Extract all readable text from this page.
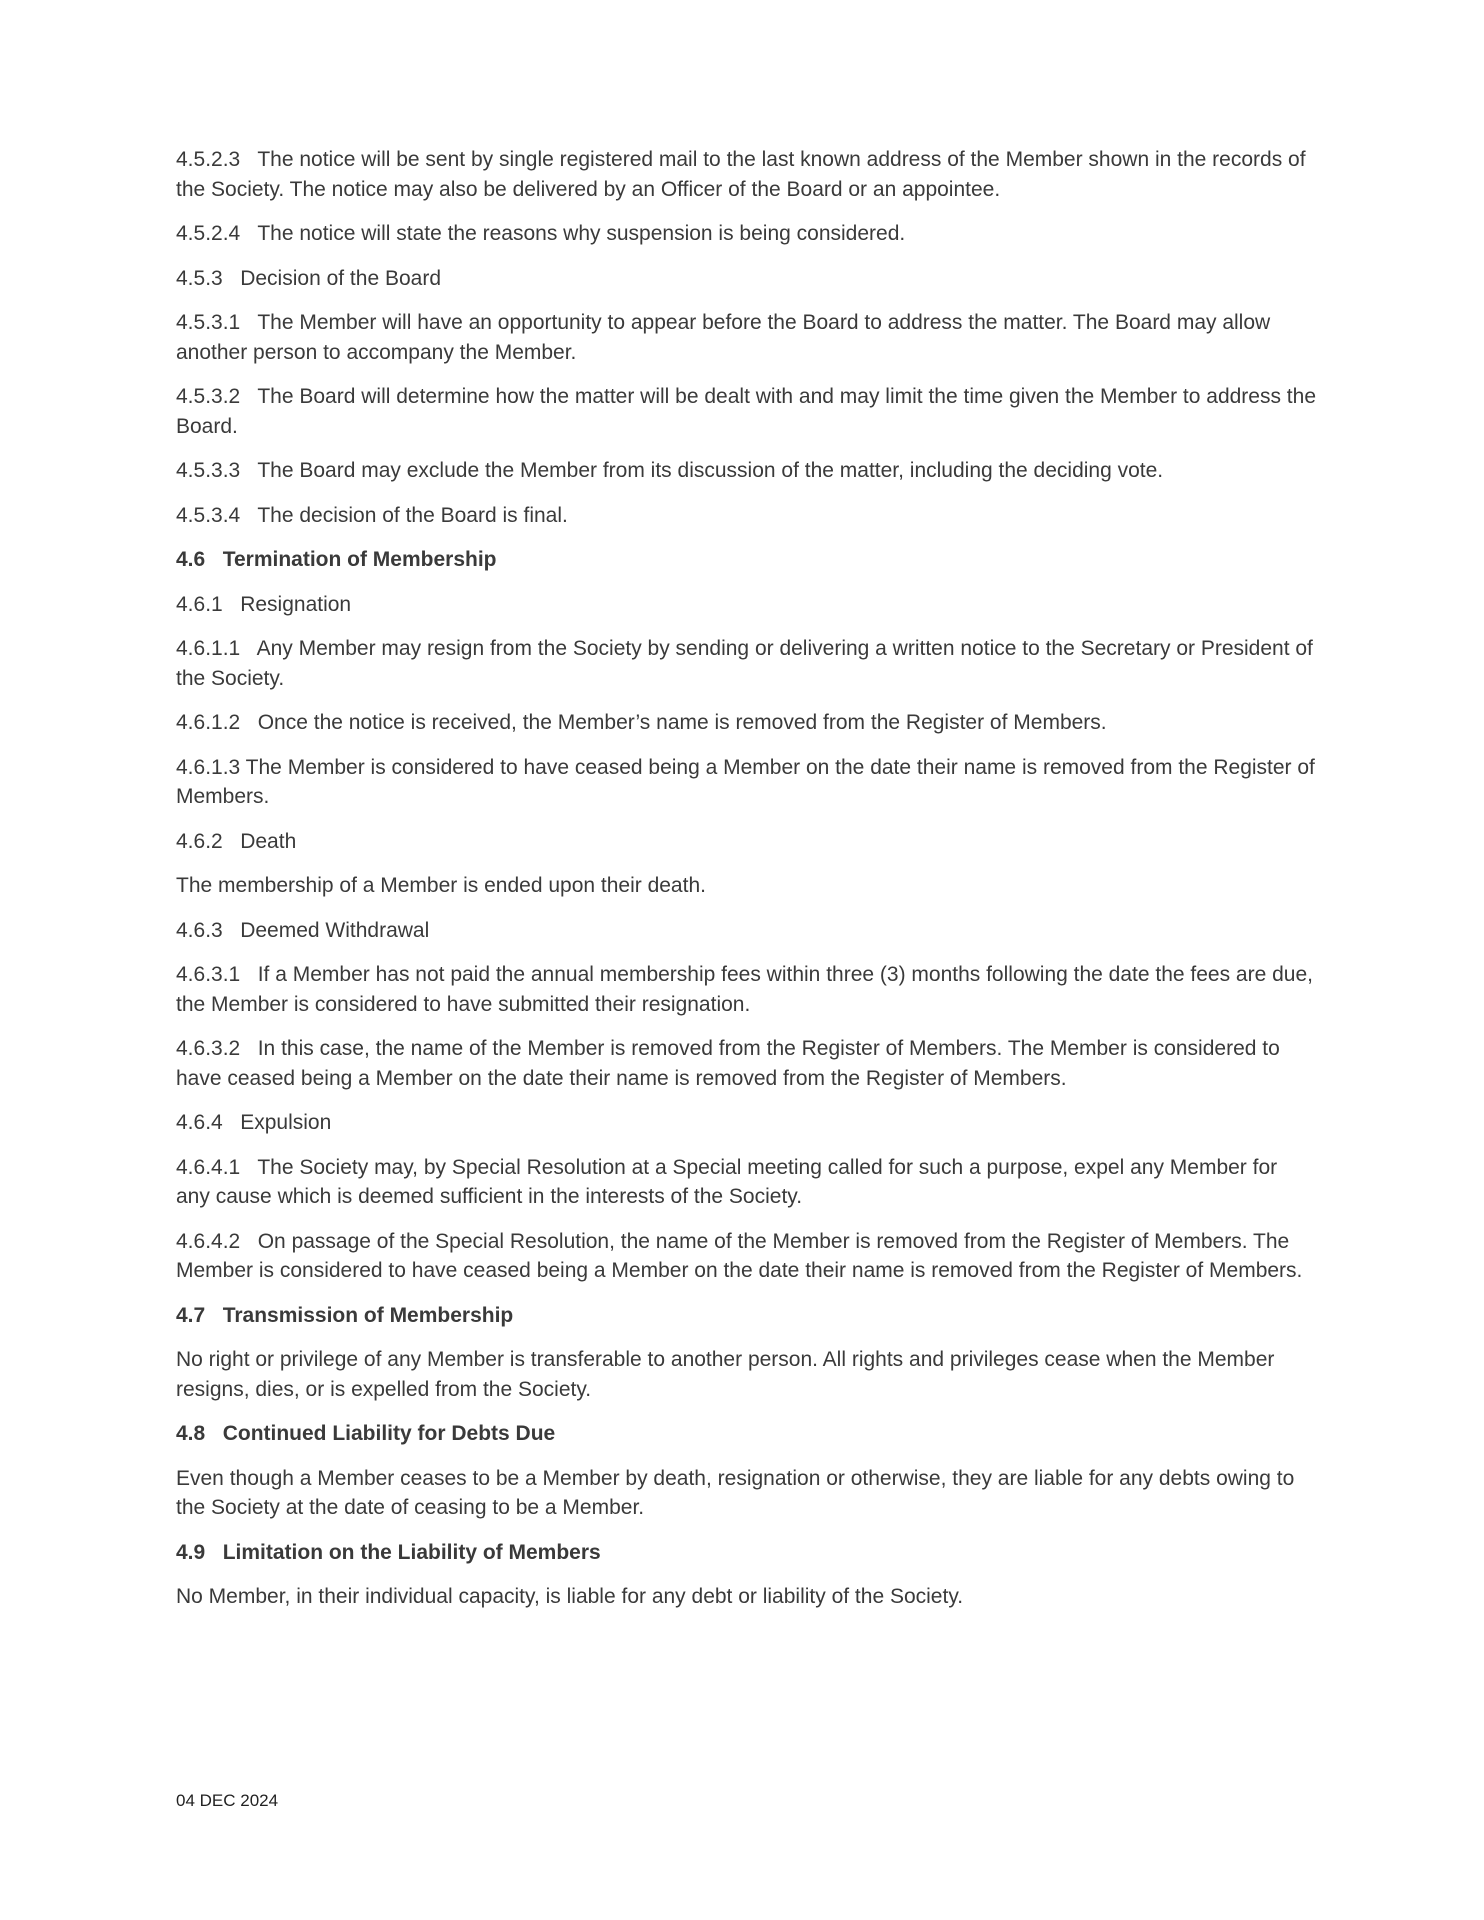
4.5.2.3   The notice will be sent by single registered mail to the last known address of the Member shown in the records of the Society. The notice may also be delivered by an Officer of the Board or an appointee.

4.5.2.4   The notice will state the reasons why suspension is being considered.

4.5.3   Decision of the Board

4.5.3.1   The Member will have an opportunity to appear before the Board to address the matter. The Board may allow another person to accompany the Member.

4.5.3.2   The Board will determine how the matter will be dealt with and may limit the time given the Member to address the Board.

4.5.3.3   The Board may exclude the Member from its discussion of the matter, including the deciding vote.

4.5.3.4   The decision of the Board is final.

4.6   Termination of Membership

4.6.1   Resignation

4.6.1.1   Any Member may resign from the Society by sending or delivering a written notice to the Secretary or President of the Society.

4.6.1.2   Once the notice is received, the Member’s name is removed from the Register of Members.

4.6.1.3 The Member is considered to have ceased being a Member on the date their name is removed from the Register of Members.

4.6.2   Death

The membership of a Member is ended upon their death.

4.6.3   Deemed Withdrawal

4.6.3.1   If a Member has not paid the annual membership fees within three (3) months following the date the fees are due, the Member is considered to have submitted their resignation.

4.6.3.2   In this case, the name of the Member is removed from the Register of Members. The Member is considered to have ceased being a Member on the date their name is removed from the Register of Members.

4.6.4   Expulsion

4.6.4.1   The Society may, by Special Resolution at a Special meeting called for such a purpose, expel any Member for any cause which is deemed sufficient in the interests of the Society.

4.6.4.2   On passage of the Special Resolution, the name of the Member is removed from the Register of Members. The Member is considered to have ceased being a Member on the date their name is removed from the Register of Members.

4.7   Transmission of Membership

No right or privilege of any Member is transferable to another person. All rights and privileges cease when the Member resigns, dies, or is expelled from the Society.

4.8   Continued Liability for Debts Due

Even though a Member ceases to be a Member by death, resignation or otherwise, they are liable for any debts owing to the Society at the date of ceasing to be a Member.

4.9   Limitation on the Liability of Members

No Member, in their individual capacity, is liable for any debt or liability of the Society.

04 DEC 2024
